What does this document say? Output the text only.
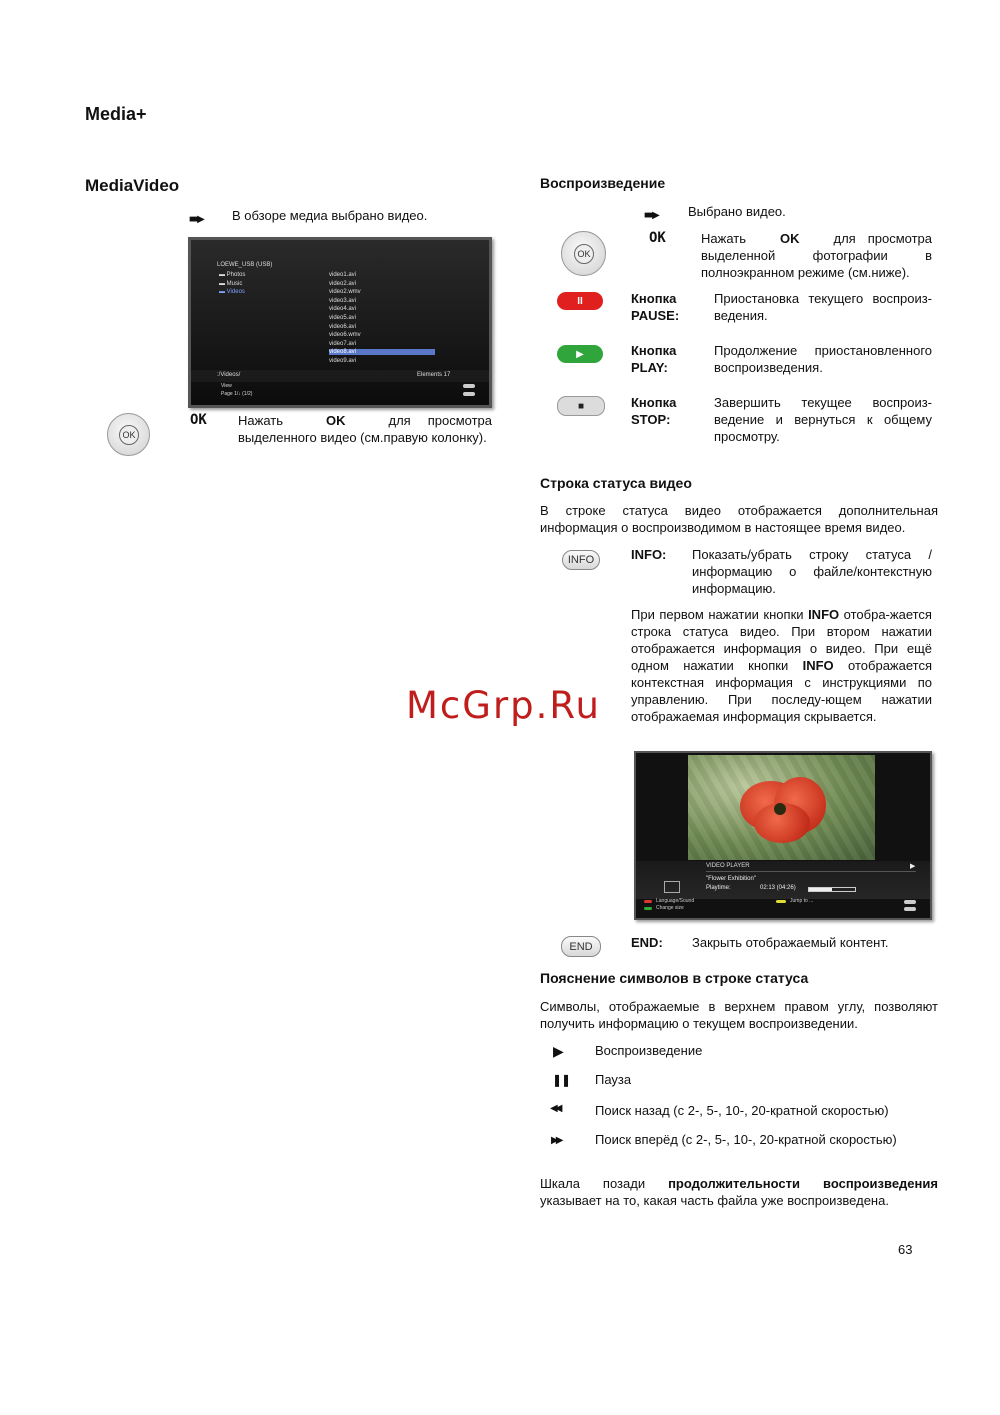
Media+
MediaVideo
■■▶ В обзоре медиа выбрано видео.
LOEWE_USB (USB)
▬ Photos
▬ Music
▬ Videos
video1.avi
video2.avi
video2.wmv
video3.avi
video4.avi
video5.avi
video6.avi
video6.wmv
video7.avi
video8.avi
video9.avi
:/Videos/	Elements 17
View
Page 1/↓ (1/2)
OK
OK Нажать	OK	для просмотра выделенного видео (см.правую колонку).
Воспроизведение
■■▶ Выбрано видео.
OK
OK	Нажать	OK	для просмотра выделенной фотографии в полноэкранном режиме (см.ниже).
II	Кнопка PAUSE:
Приостановка текущего воспроиз-ведения.
▶	Кнопка PLAY:
Продолжение приостановленного воспроизведения.
■	Кнопка STOP:
Завершить текущее воспроиз-ведение и вернуться к общему просмотру.
Строка статуса видео
В строке статуса видео отображается дополнительная информация о воспроизводимом в настоящее время видео.
INFO	INFO: Показать/убрать строку статуса / информацию о файле/контекстную информацию.
При первом нажатии кнопки INFO отобра-жается строка статуса видео. При втором нажатии отображается информация о видео. При ещё одном нажатии кнопки INFO отображается контекстная информация с инструкциями по управлению. При последу-ющем нажатии отображаемая информация скрывается.
VIDEO PLAYER	▶
"Flower Exhibition"
Playtime:	02:13 (04:26)
Language/Sound
Change size
Jump to ...
END	END: Закрыть отображаемый контент.
Пояснение символов в строке статуса
Символы, отображаемые в верхнем правом углу, позволяют получить информацию о текущем воспроизведении.
▶ Воспроизведение
❚❚ Пауза
◀◀	Поиск назад (с 2-, 5-, 10-, 20-кратной скоростью)
▶▶	Поиск вперёд (с 2-, 5-, 10-, 20-кратной скоростью)
Шкала позади продолжительности воспроизведения указывает на то, какая часть файла уже воспроизведена.
McGrp.Ru
63
